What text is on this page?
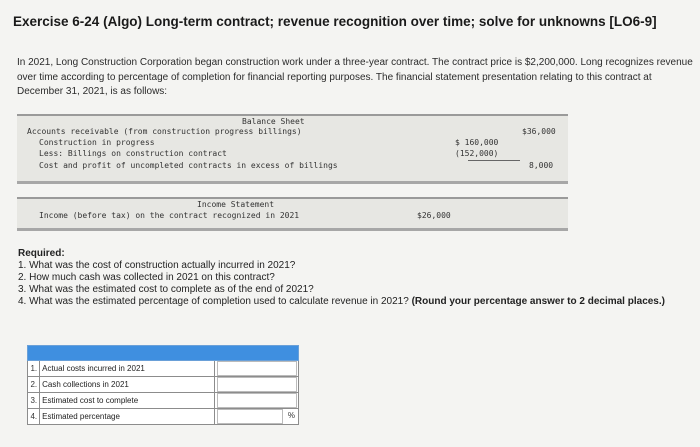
Exercise 6-24 (Algo) Long-term contract; revenue recognition over time; solve for unknowns [LO6-9]
In 2021, Long Construction Corporation began construction work under a three-year contract. The contract price is $2,200,000. Long recognizes revenue over time according to percentage of completion for financial reporting purposes. The financial statement presentation relating to this contract at December 31, 2021, is as follows:
Balance Sheet
Accounts receivable (from construction progress billings)	$36,000
Construction in progress	$ 160,000
Less: Billings on construction contract	(152,000)
Cost and profit of uncompleted contracts in excess of billings	8,000
Income Statement
Income (before tax) on the contract recognized in 2021	$26,000
Required:
1. What was the cost of construction actually incurred in 2021?
2. How much cash was collected in 2021 on this contract?
3. What was the estimated cost to complete as of the end of 2021?
4. What was the estimated percentage of completion used to calculate revenue in 2021? (Round your percentage answer to 2 decimal places.)

1.	Actual costs incurred in 2021	
2.	Cash collections in 2021	
3.	Estimated cost to complete	
4.	Estimated percentage	%
